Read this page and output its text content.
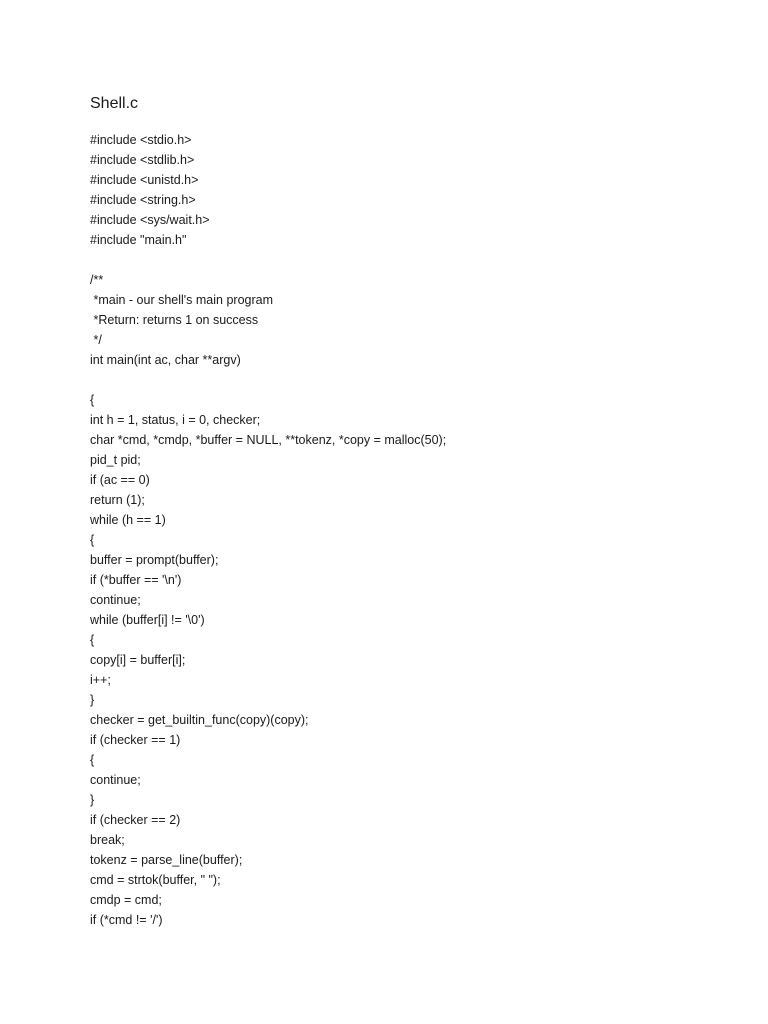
Shell.c
#include <stdio.h>
#include <stdlib.h>
#include <unistd.h>
#include <string.h>
#include <sys/wait.h>
#include "main.h"
/**
*main - our shell's main program
*Return: returns 1 on success
*/
int main(int ac, char **argv)
{
int h = 1, status, i = 0, checker;
char *cmd, *cmdp, *buffer = NULL, **tokenz, *copy = malloc(50);
pid_t pid;
if (ac == 0)
return (1);
while (h == 1)
{
buffer = prompt(buffer);
if (*buffer == '\n')
continue;
while (buffer[i] != '\0')
{
copy[i] = buffer[i];
i++;
}
checker = get_builtin_func(copy)(copy);
if (checker == 1)
{
continue;
}
if (checker == 2)
break;
tokenz = parse_line(buffer);
cmd = strtok(buffer, " ");
cmdp = cmd;
if (*cmd != '/')
